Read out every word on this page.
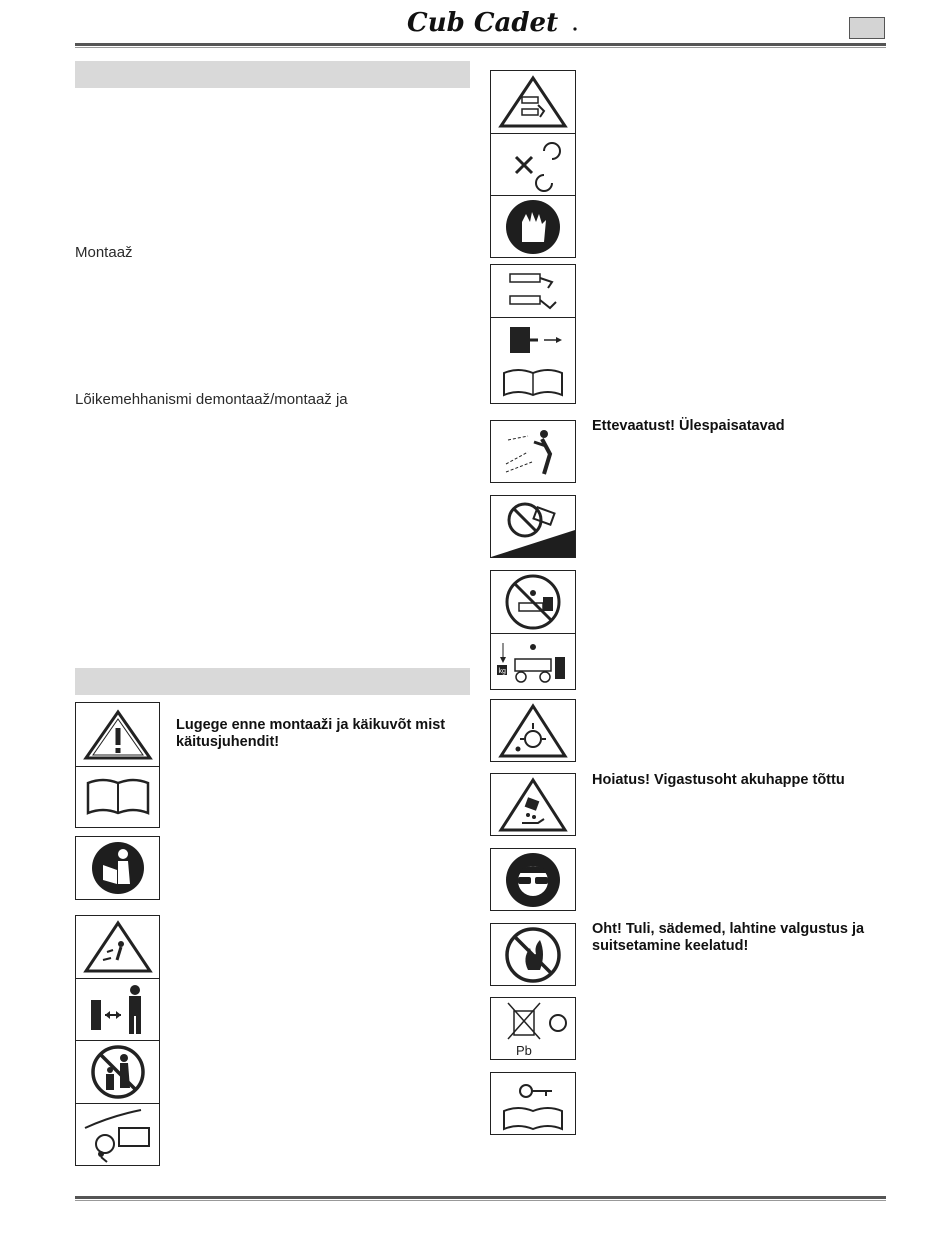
Cub Cadet
Montaaž
Lõikemehhanismi demontaaž/montaaž ja
Lugege enne montaaži ja käikuvõt mist käitusjuhendit!
Ettevaatust! Ülespaisatavad
kg
Hoiatus! Vigastusoht akuhappe tõttu
Oht! Tuli, sädemed, lahtine valgustus ja suitsetamine keelatud!
Pb
